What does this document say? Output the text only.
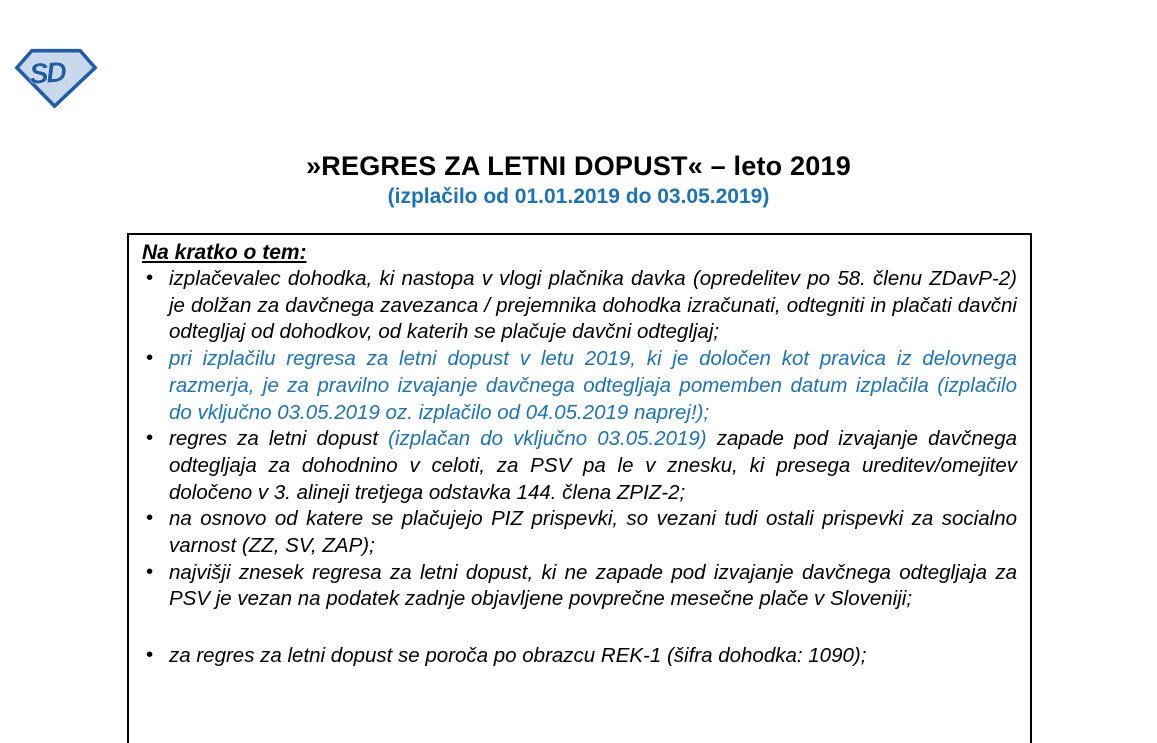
SD
»REGRES ZA LETNI DOPUST« – leto 2019
(izplačilo od 01.01.2019 do 03.05.2019)
Na kratko o tem:
• izplačevalec dohodka, ki nastopa v vlogi plačnika davka (opredelitev po 58. členu ZDavP-2) je dolžan za davčnega zavezanca / prejemnika dohodka izračunati, odtegniti in plačati davčni odtegljaj od dohodkov, od katerih se plačuje davčni odtegljaj;
• pri izplačilu regresa za letni dopust v letu 2019, ki je določen kot pravica iz delovnega razmerja, je za pravilno izvajanje davčnega odtegljaja pomemben datum izplačila (izplačilo do vključno 03.05.2019 oz. izplačilo od 04.05.2019 naprej!);
• regres za letni dopust (izplačan do vključno 03.05.2019) zapade pod izvajanje davčnega odtegljaja za dohodnino v celoti, za PSV pa le v znesku, ki presega ureditev/omejitev določeno v 3. alineji tretjega odstavka 144. člena ZPIZ-2;
• na osnovo od katere se plačujejo PIZ prispevki, so vezani tudi ostali prispevki za socialno varnost (ZZ, SV, ZAP);
• najvišji znesek regresa za letni dopust, ki ne zapade pod izvajanje davčnega odtegljaja za PSV je vezan na podatek zadnje objavljene povprečne mesečne plače v Sloveniji;
• za regres za letni dopust se poroča po obrazcu REK-1 (šifra dohodka: 1090);
